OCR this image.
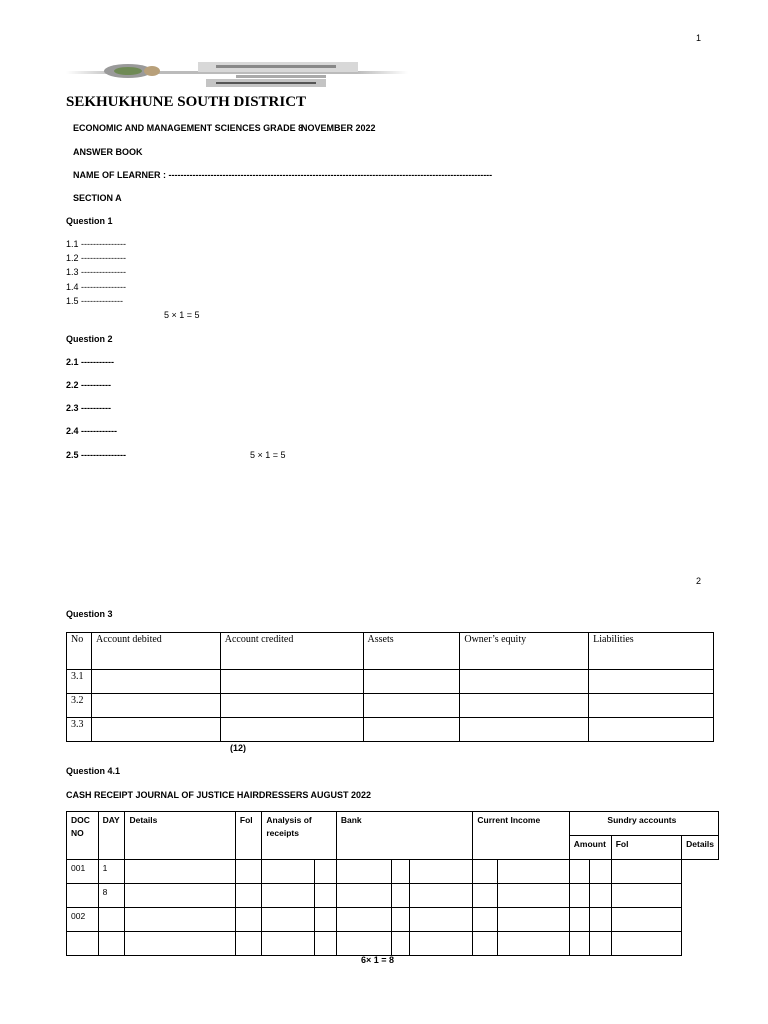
1
SEKHUKHUNE SOUTH DISTRICT
ECONOMIC AND MANAGEMENT SCIENCES GRADE 8
NOVEMBER 2022
ANSWER BOOK
NAME OF LEARNER : ------------------------------------------------------------------------------------------------------------
SECTION A
Question 1
1.1 ---------------
1.2 ---------------
1.3 ---------------
1.4 ---------------
1.5 --------------
5 × 1 = 5
Question 2
2.1 -----------
2.2 ----------
2.3 ----------
2.4 ------------
2.5 ---------------	5 × 1 = 5
2
Question 3
No	Account debited	Account credited	Assets	Owner’s equity	Liabilities
3.1					
3.2					
3.3					
(12)
Question 4.1
CASH RECEIPT JOURNAL OF JUSTICE HAIRDRESSERS AUGUST 2022
DOC NO	DAY	Details	Fol	Analysis of receipts		Bank			Current Income		Sundry accounts			
											Amount		Fol	Details
001	1													
	8													
002														

6× 1 = 8
